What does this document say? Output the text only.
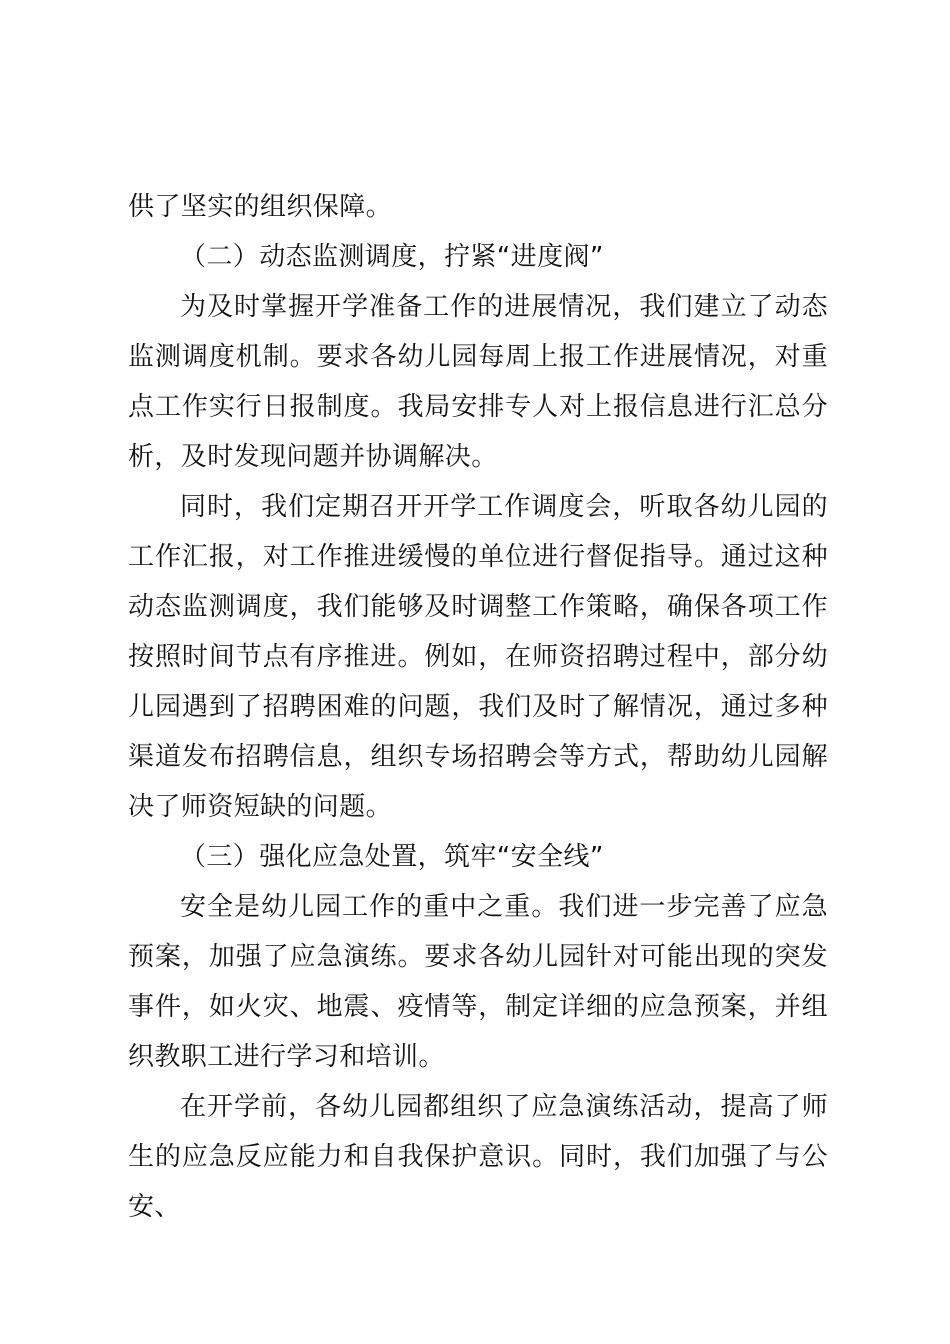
供了坚实的组织保障。

（二）动态监测调度，拧紧“进度阀”

为及时掌握开学准备工作的进展情况，我们建立了动态监测调度机制。要求各幼儿园每周上报工作进展情况，对重点工作实行日报制度。我局安排专人对上报信息进行汇总分析，及时发现问题并协调解决。

同时，我们定期召开开学工作调度会，听取各幼儿园的工作汇报，对工作推进缓慢的单位进行督促指导。通过这种动态监测调度，我们能够及时调整工作策略，确保各项工作按照时间节点有序推进。例如，在师资招聘过程中，部分幼儿园遇到了招聘困难的问题，我们及时了解情况，通过多种渠道发布招聘信息，组织专场招聘会等方式，帮助幼儿园解决了师资短缺的问题。

（三）强化应急处置，筑牢“安全线”

安全是幼儿园工作的重中之重。我们进一步完善了应急预案，加强了应急演练。要求各幼儿园针对可能出现的突发事件，如火灾、地震、疫情等，制定详细的应急预案，并组织教职工进行学习和培训。

在开学前，各幼儿园都组织了应急演练活动，提高了师生的应急反应能力和自我保护意识。同时，我们加强了与公安、
